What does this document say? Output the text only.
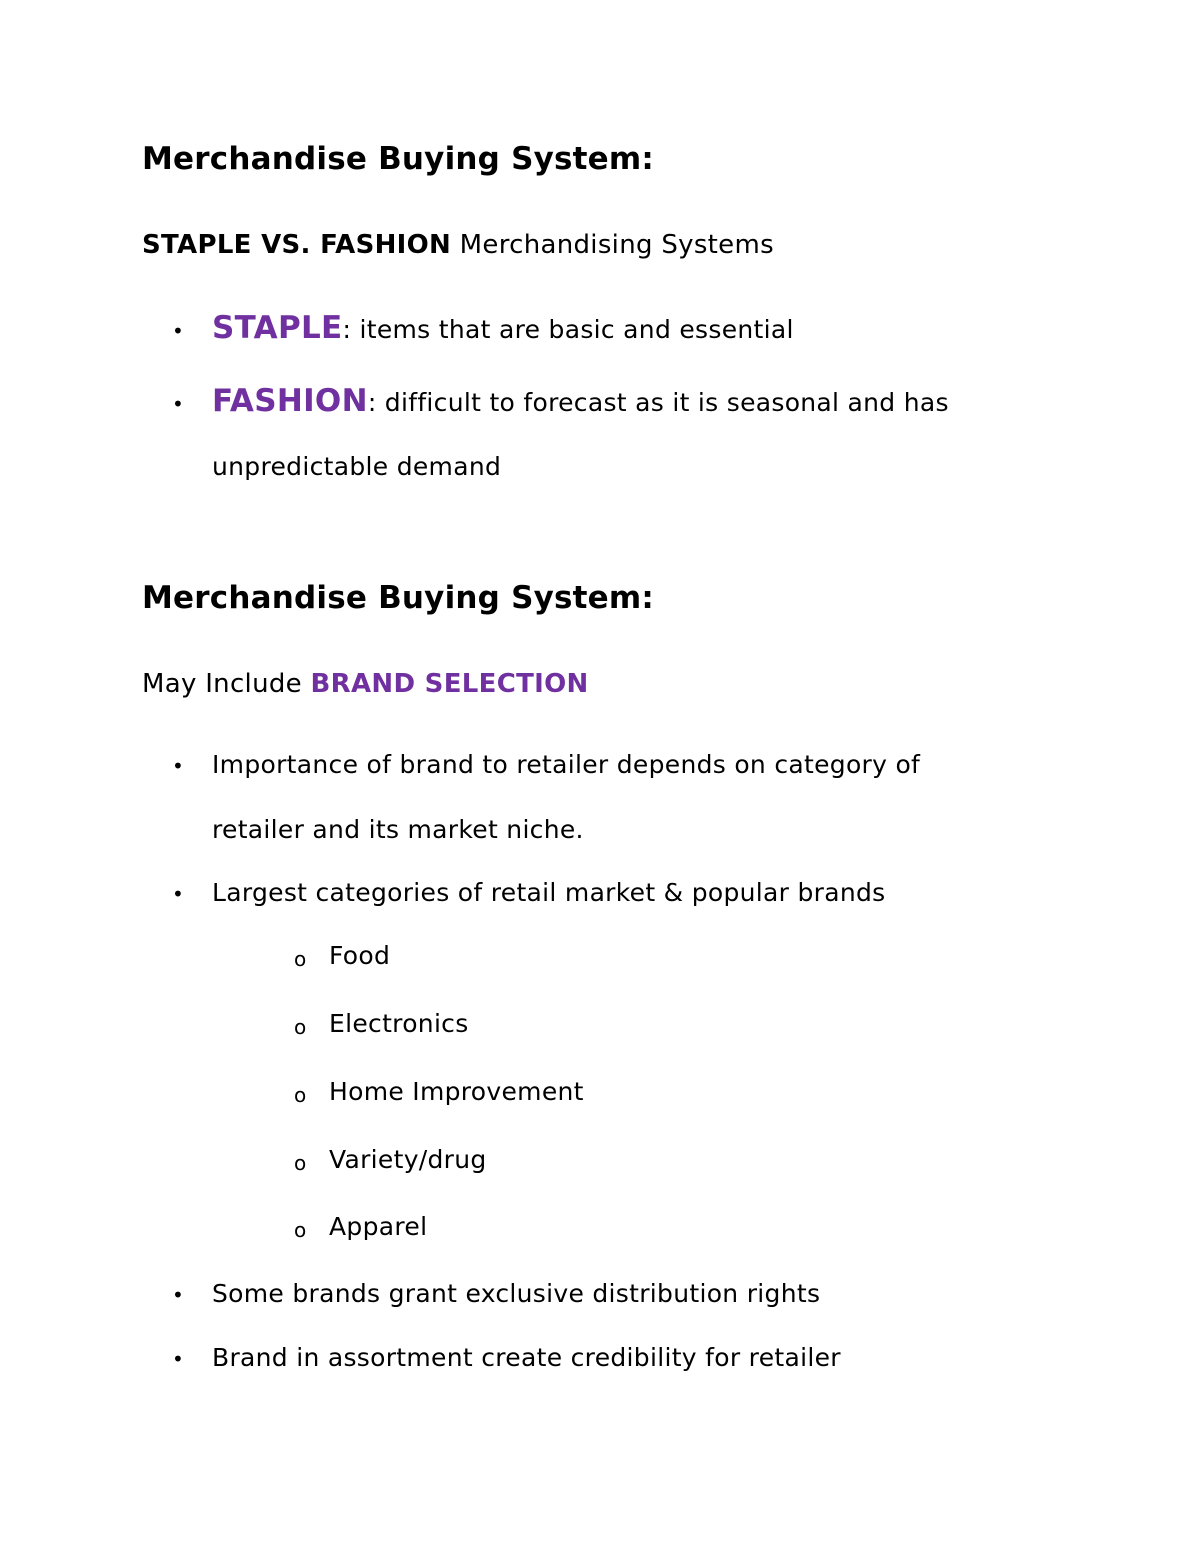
Merchandise Buying System:
STAPLE VS. FASHION Merchandising Systems
• STAPLE: items that are basic and essential
• FASHION: difficult to forecast as it is seasonal and has
unpredictable demand
Merchandise Buying System:
May Include BRAND SELECTION
• Importance of brand to retailer depends on category of
retailer and its market niche.
• Largest categories of retail market & popular brands
o Food
o Electronics
o Home Improvement
o Variety/drug
o Apparel
• Some brands grant exclusive distribution rights
• Brand in assortment create credibility for retailer
